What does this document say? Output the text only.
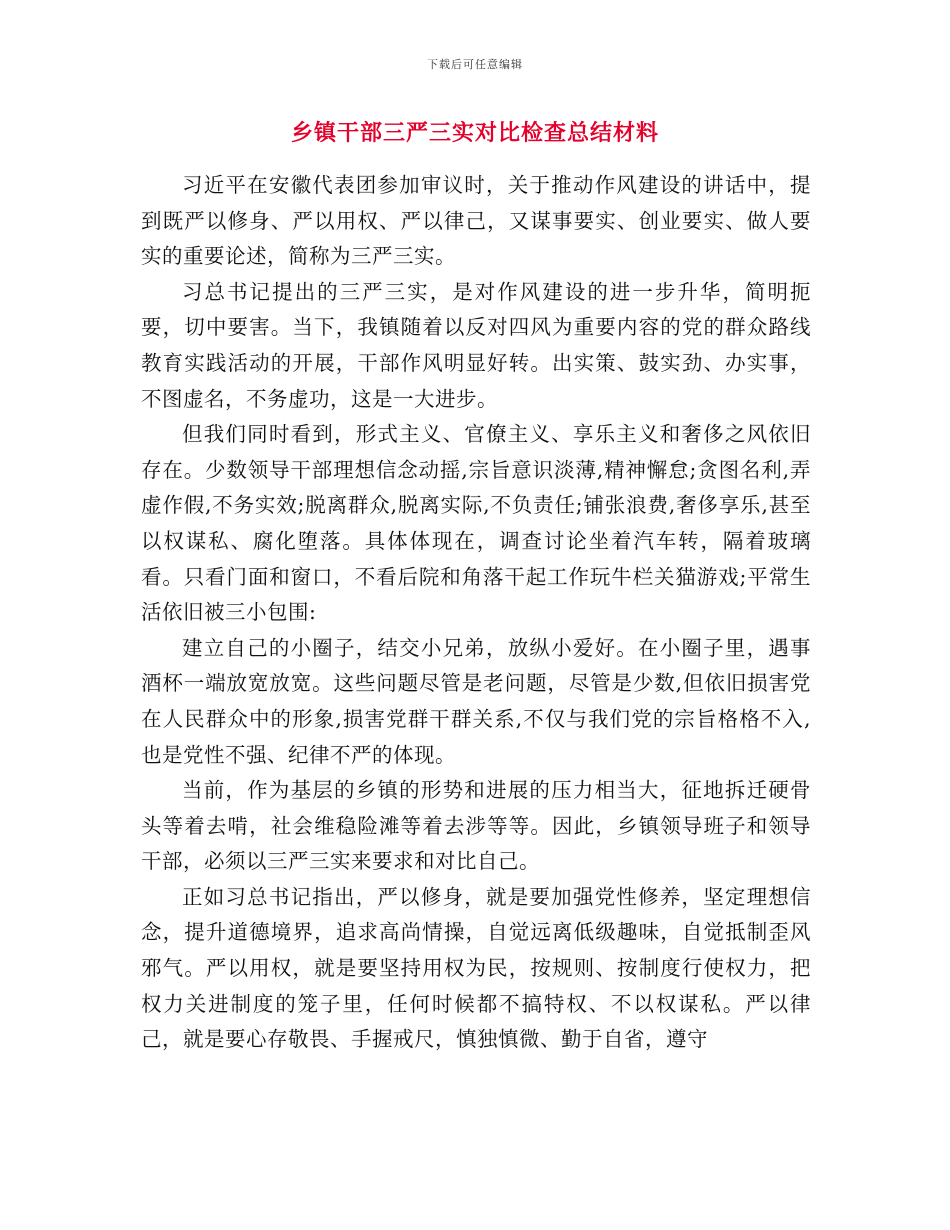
下载后可任意编辑
乡镇干部三严三实对比检查总结材料

习近平在安徽代表团参加审议时，关于推动作风建设的讲话中，提到既严以修身、严以用权、严以律己，又谋事要实、创业要实、做人要实的重要论述，简称为三严三实。

习总书记提出的三严三实，是对作风建设的进一步升华，简明扼要，切中要害。当下，我镇随着以反对四风为重要内容的党的群众路线教育实践活动的开展，干部作风明显好转。出实策、鼓实劲、办实事，不图虚名，不务虚功，这是一大进步。

但我们同时看到，形式主义、官僚主义、享乐主义和奢侈之风依旧存在。少数领导干部理想信念动摇,宗旨意识淡薄,精神懈怠;贪图名利,弄虚作假,不务实效;脱离群众,脱离实际,不负责任;铺张浪费,奢侈享乐,甚至以权谋私、腐化堕落。具体体现在，调查讨论坐着汽车转，隔着玻璃看。只看门面和窗口，不看后院和角落干起工作玩牛栏关猫游戏;平常生活依旧被三小包围:

建立自己的小圈子，结交小兄弟，放纵小爱好。在小圈子里，遇事酒杯一端放宽放宽。这些问题尽管是老问题，尽管是少数,但依旧损害党在人民群众中的形象,损害党群干群关系,不仅与我们党的宗旨格格不入,也是党性不强、纪律不严的体现。

当前，作为基层的乡镇的形势和进展的压力相当大，征地拆迁硬骨头等着去啃，社会维稳险滩等着去涉等等。因此，乡镇领导班子和领导干部，必须以三严三实来要求和对比自己。

正如习总书记指出，严以修身，就是要加强党性修养，坚定理想信念，提升道德境界，追求高尚情操，自觉远离低级趣味，自觉抵制歪风邪气。严以用权，就是要坚持用权为民，按规则、按制度行使权力，把权力关进制度的笼子里，任何时候都不搞特权、不以权谋私。严以律己，就是要心存敬畏、手握戒尺，慎独慎微、勤于自省，遵守
